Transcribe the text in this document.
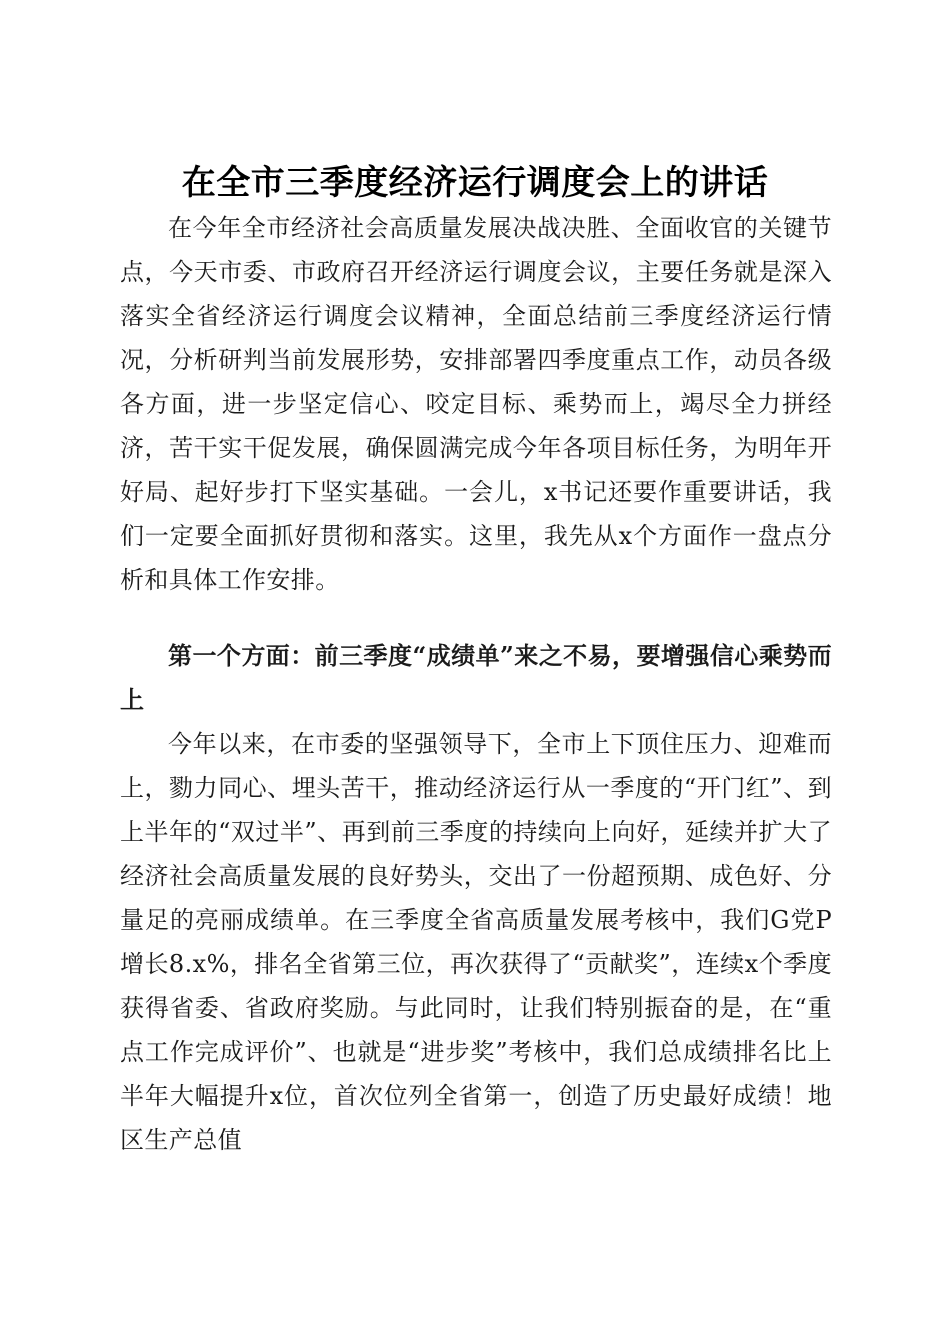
在全市三季度经济运行调度会上的讲话

在今年全市经济社会高质量发展决战决胜、全面收官的关键节点，今天市委、市政府召开经济运行调度会议，主要任务就是深入落实全省经济运行调度会议精神，全面总结前三季度经济运行情况，分析研判当前发展形势，安排部署四季度重点工作，动员各级各方面，进一步坚定信心、咬定目标、乘势而上，竭尽全力拼经济，苦干实干促发展，确保圆满完成今年各项目标任务，为明年开好局、起好步打下坚实基础。一会儿，x书记还要作重要讲话，我们一定要全面抓好贯彻和落实。这里，我先从x个方面作一盘点分析和具体工作安排。

第一个方面：前三季度“成绩单”来之不易，要增强信心乘势而上

今年以来，在市委的坚强领导下，全市上下顶住压力、迎难而上，勠力同心、埋头苦干，推动经济运行从一季度的“开门红”、到上半年的“双过半”、再到前三季度的持续向上向好，延续并扩大了经济社会高质量发展的良好势头，交出了一份超预期、成色好、分量足的亮丽成绩单。在三季度全省高质量发展考核中，我们G党P增长8.x%，排名全省第三位，再次获得了“贡献奖”，连续x个季度获得省委、省政府奖励。与此同时，让我们特别振奋的是，在“重点工作完成评价”、也就是“进步奖”考核中，我们总成绩排名比上半年大幅提升x位，首次位列全省第一，创造了历史最好成绩！地区生产总值
